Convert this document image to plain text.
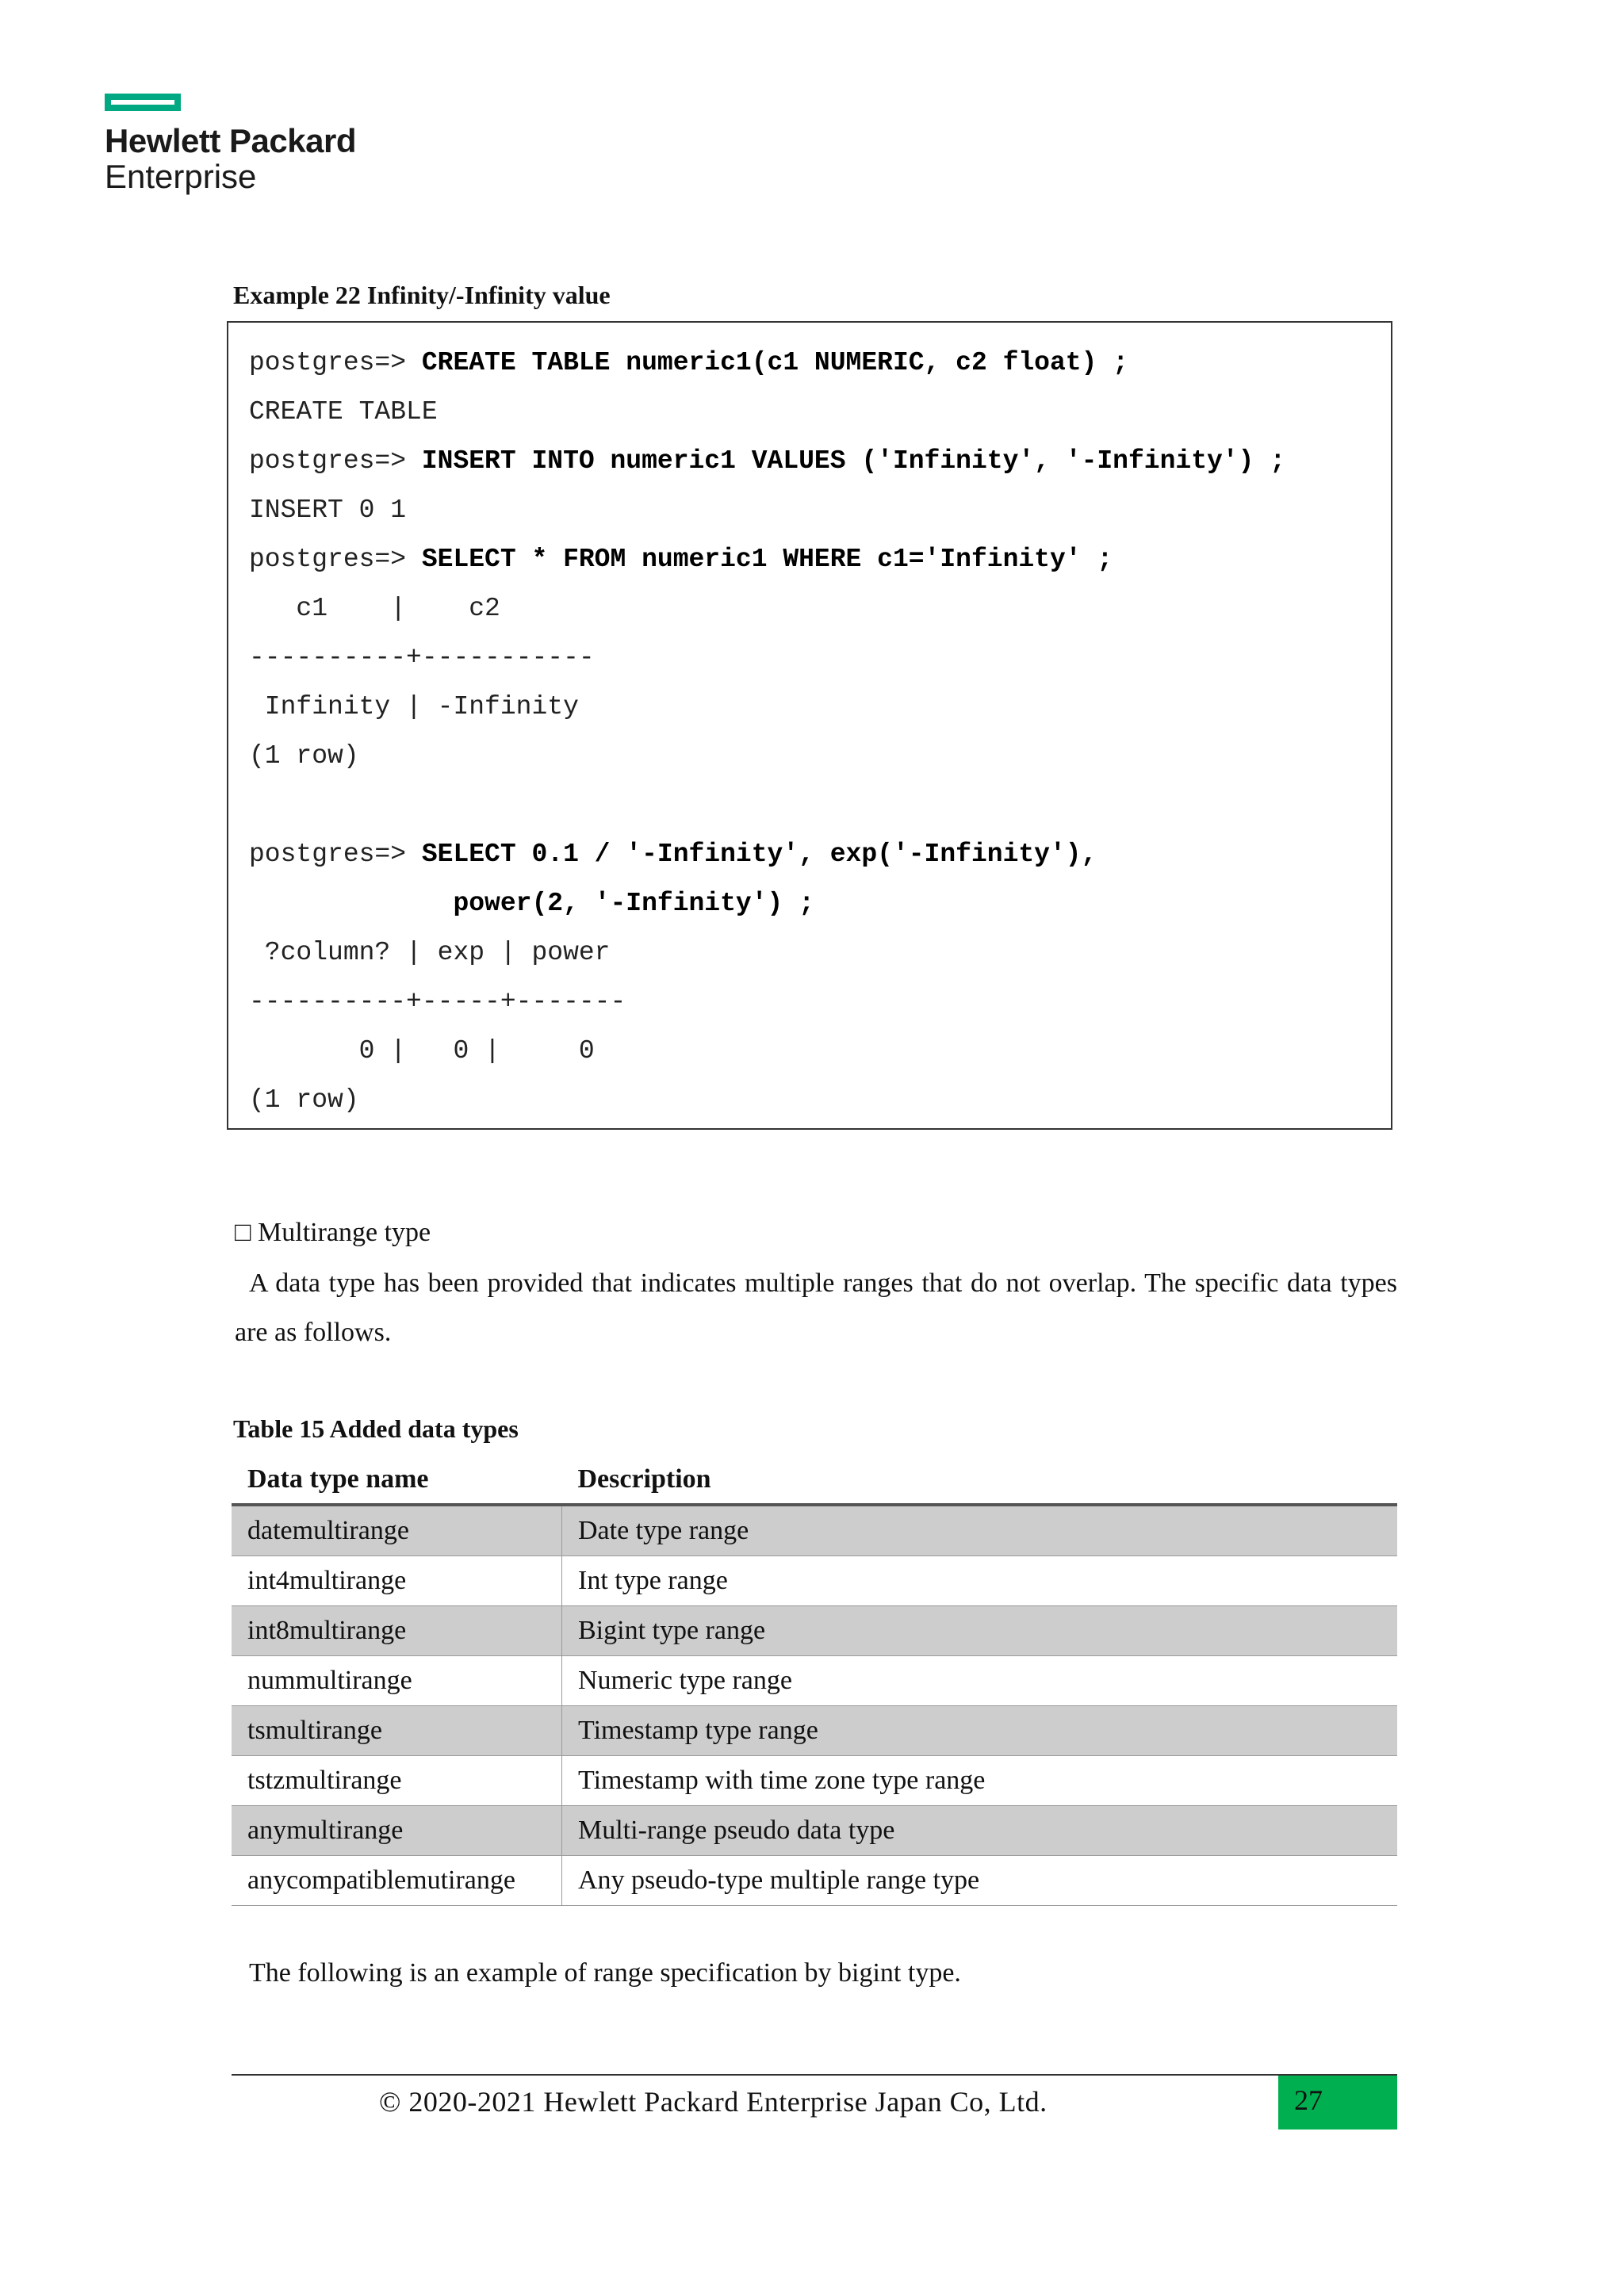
Hewlett Packard
Enterprise
Example 22 Infinity/-Infinity value
postgres=> CREATE TABLE numeric1(c1 NUMERIC, c2 float) ;
CREATE TABLE
postgres=> INSERT INTO numeric1 VALUES ('Infinity', '-Infinity') ;
INSERT 0 1
postgres=> SELECT * FROM numeric1 WHERE c1='Infinity' ;
c1    |    c2
----------+-----------
Infinity | -Infinity
(1 row)
postgres=> SELECT 0.1 / '-Infinity', exp('-Infinity'),
power(2, '-Infinity') ;
?column? | exp | power
----------+-----+-------
0 |   0 |     0
(1 row)
□ Multirange type
A data type has been provided that indicates multiple ranges that do not overlap. The specific data types are as follows.
Table 15 Added data types
Data type name	Description
datemultirange	Date type range
int4multirange	Int type range
int8multirange	Bigint type range
nummultirange	Numeric type range
tsmultirange	Timestamp type range
tstzmultirange	Timestamp with time zone type range
anymultirange	Multi-range pseudo data type
anycompatiblemutirange	Any pseudo-type multiple range type
The following is an example of range specification by bigint type.
© 2020-2021 Hewlett Packard Enterprise Japan Co, Ltd.	27
